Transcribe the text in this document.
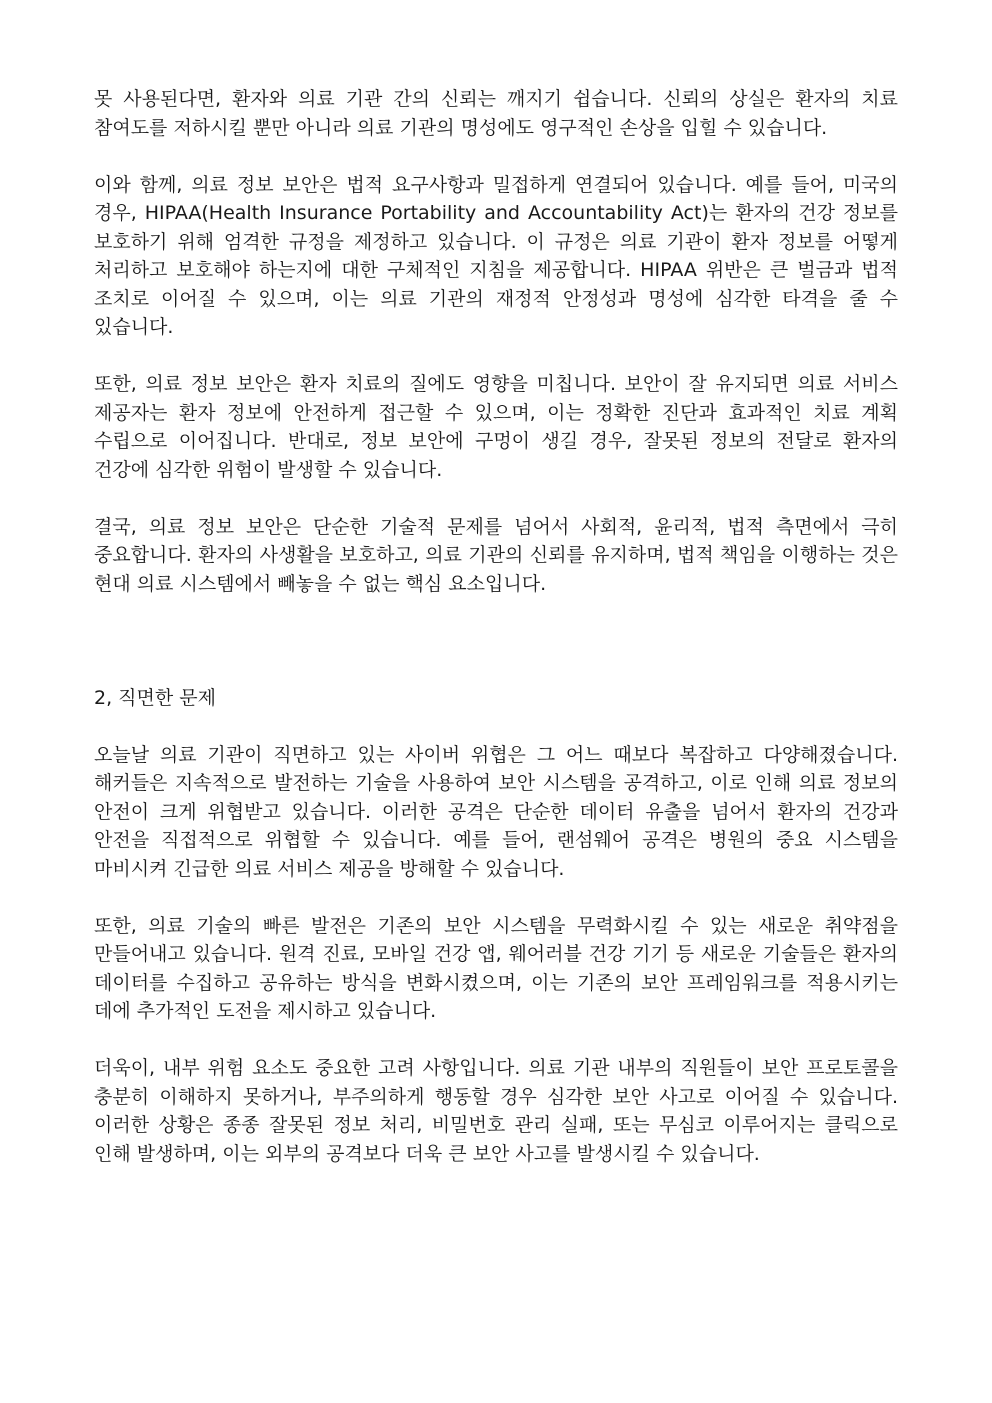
못 사용된다면, 환자와 의료 기관 간의 신뢰는 깨지기 쉽습니다. 신뢰의 상실은 환자의 치료 참여도를 저하시킬 뿐만 아니라 의료 기관의 명성에도 영구적인 손상을 입힐 수 있습니다.

이와 함께, 의료 정보 보안은 법적 요구사항과 밀접하게 연결되어 있습니다. 예를 들어, 미국의 경우, HIPAA(Health Insurance Portability and Accountability Act)는 환자의 건강 정보를 보호하기 위해 엄격한 규정을 제정하고 있습니다. 이 규정은 의료 기관이 환자 정보를 어떻게 처리하고 보호해야 하는지에 대한 구체적인 지침을 제공합니다. HIPAA 위반은 큰 벌금과 법적 조치로 이어질 수 있으며, 이는 의료 기관의 재정적 안정성과 명성에 심각한 타격을 줄 수 있습니다.

또한, 의료 정보 보안은 환자 치료의 질에도 영향을 미칩니다. 보안이 잘 유지되면 의료 서비스 제공자는 환자 정보에 안전하게 접근할 수 있으며, 이는 정확한 진단과 효과적인 치료 계획 수립으로 이어집니다. 반대로, 정보 보안에 구멍이 생길 경우, 잘못된 정보의 전달로 환자의 건강에 심각한 위험이 발생할 수 있습니다.

결국, 의료 정보 보안은 단순한 기술적 문제를 넘어서 사회적, 윤리적, 법적 측면에서 극히 중요합니다. 환자의 사생활을 보호하고, 의료 기관의 신뢰를 유지하며, 법적 책임을 이행하는 것은 현대 의료 시스템에서 빼놓을 수 없는 핵심 요소입니다.

2, 직면한 문제

오늘날 의료 기관이 직면하고 있는 사이버 위협은 그 어느 때보다 복잡하고 다양해졌습니다. 해커들은 지속적으로 발전하는 기술을 사용하여 보안 시스템을 공격하고, 이로 인해 의료 정보의 안전이 크게 위협받고 있습니다. 이러한 공격은 단순한 데이터 유출을 넘어서 환자의 건강과 안전을 직접적으로 위협할 수 있습니다. 예를 들어, 랜섬웨어 공격은 병원의 중요 시스템을 마비시켜 긴급한 의료 서비스 제공을 방해할 수 있습니다.

또한, 의료 기술의 빠른 발전은 기존의 보안 시스템을 무력화시킬 수 있는 새로운 취약점을 만들어내고 있습니다. 원격 진료, 모바일 건강 앱, 웨어러블 건강 기기 등 새로운 기술들은 환자의 데이터를 수집하고 공유하는 방식을 변화시켰으며, 이는 기존의 보안 프레임워크를 적용시키는 데에 추가적인 도전을 제시하고 있습니다.

더욱이, 내부 위험 요소도 중요한 고려 사항입니다. 의료 기관 내부의 직원들이 보안 프로토콜을 충분히 이해하지 못하거나, 부주의하게 행동할 경우 심각한 보안 사고로 이어질 수 있습니다. 이러한 상황은 종종 잘못된 정보 처리, 비밀번호 관리 실패, 또는 무심코 이루어지는 클릭으로 인해 발생하며, 이는 외부의 공격보다 더욱 큰 보안 사고를 발생시킬 수 있습니다.
